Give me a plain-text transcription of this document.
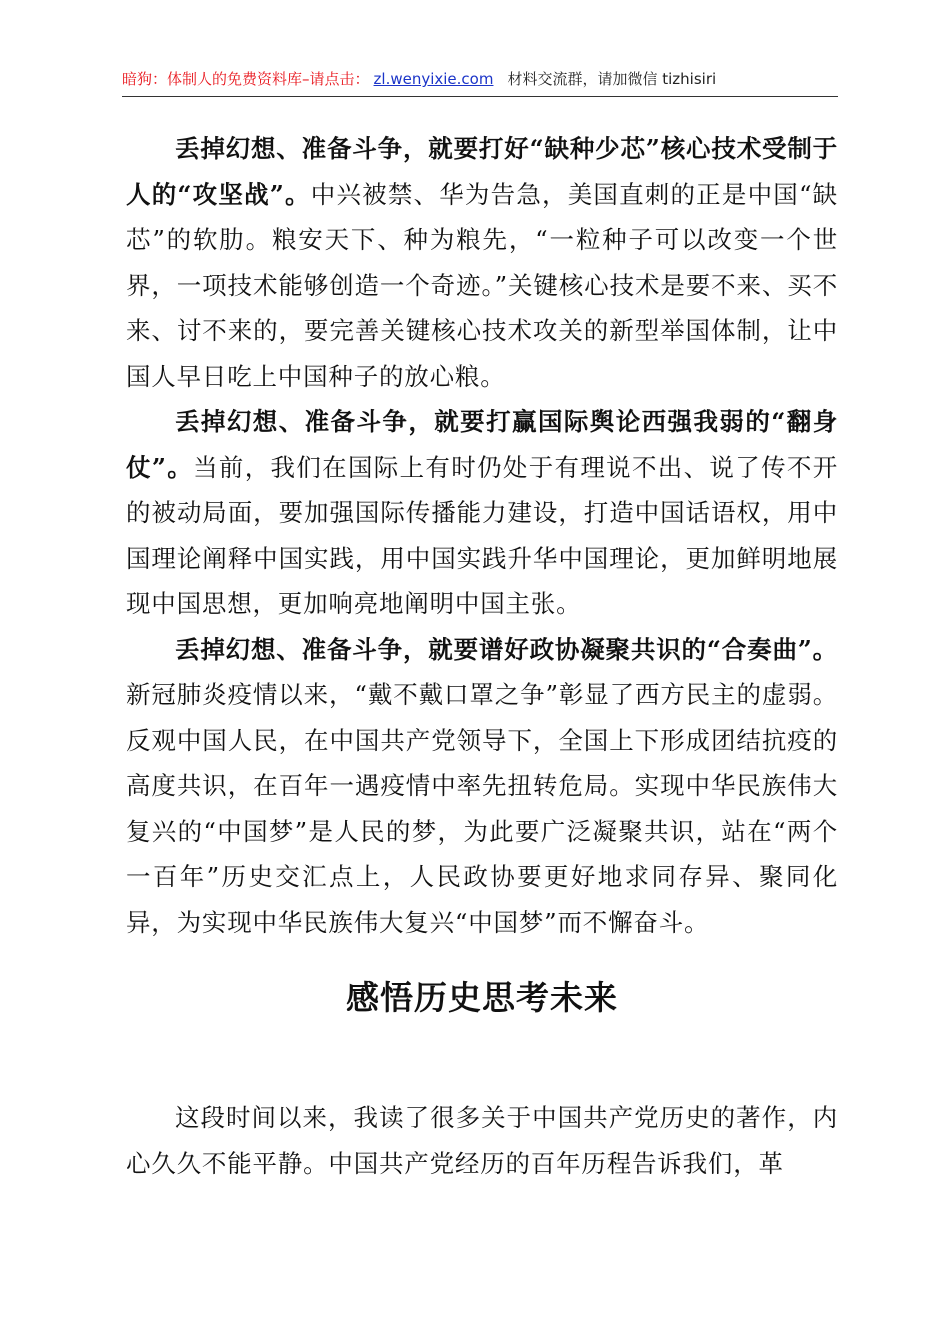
暗狗：体制人的免费资料库–请点击： zl.wenyixie.com 材料交流群，请加微信 tizhisiri

丢掉幻想、准备斗争，就要打好“缺种少芯”核心技术受制于人的“攻坚战”。中兴被禁、华为告急，美国直刺的正是中国“缺芯”的软肋。粮安天下、种为粮先，“一粒种子可以改变一个世界，一项技术能够创造一个奇迹。”关键核心技术是要不来、买不来、讨不来的，要完善关键核心技术攻关的新型举国体制，让中国人早日吃上中国种子的放心粮。

丢掉幻想、准备斗争，就要打赢国际舆论西强我弱的“翻身仗”。当前，我们在国际上有时仍处于有理说不出、说了传不开的被动局面，要加强国际传播能力建设，打造中国话语权，用中国理论阐释中国实践，用中国实践升华中国理论，更加鲜明地展现中国思想，更加响亮地阐明中国主张。

丢掉幻想、准备斗争，就要谱好政协凝聚共识的“合奏曲”。新冠肺炎疫情以来，“戴不戴口罩之争”彰显了西方民主的虚弱。反观中国人民，在中国共产党领导下，全国上下形成团结抗疫的高度共识，在百年一遇疫情中率先扭转危局。实现中华民族伟大复兴的“中国梦”是人民的梦，为此要广泛凝聚共识，站在“两个一百年”历史交汇点上，人民政协要更好地求同存异、聚同化异，为实现中华民族伟大复兴“中国梦”而不懈奋斗。

感悟历史思考未来

这段时间以来，我读了很多关于中国共产党历史的著作，内心久久不能平静。中国共产党经历的百年历程告诉我们，革
